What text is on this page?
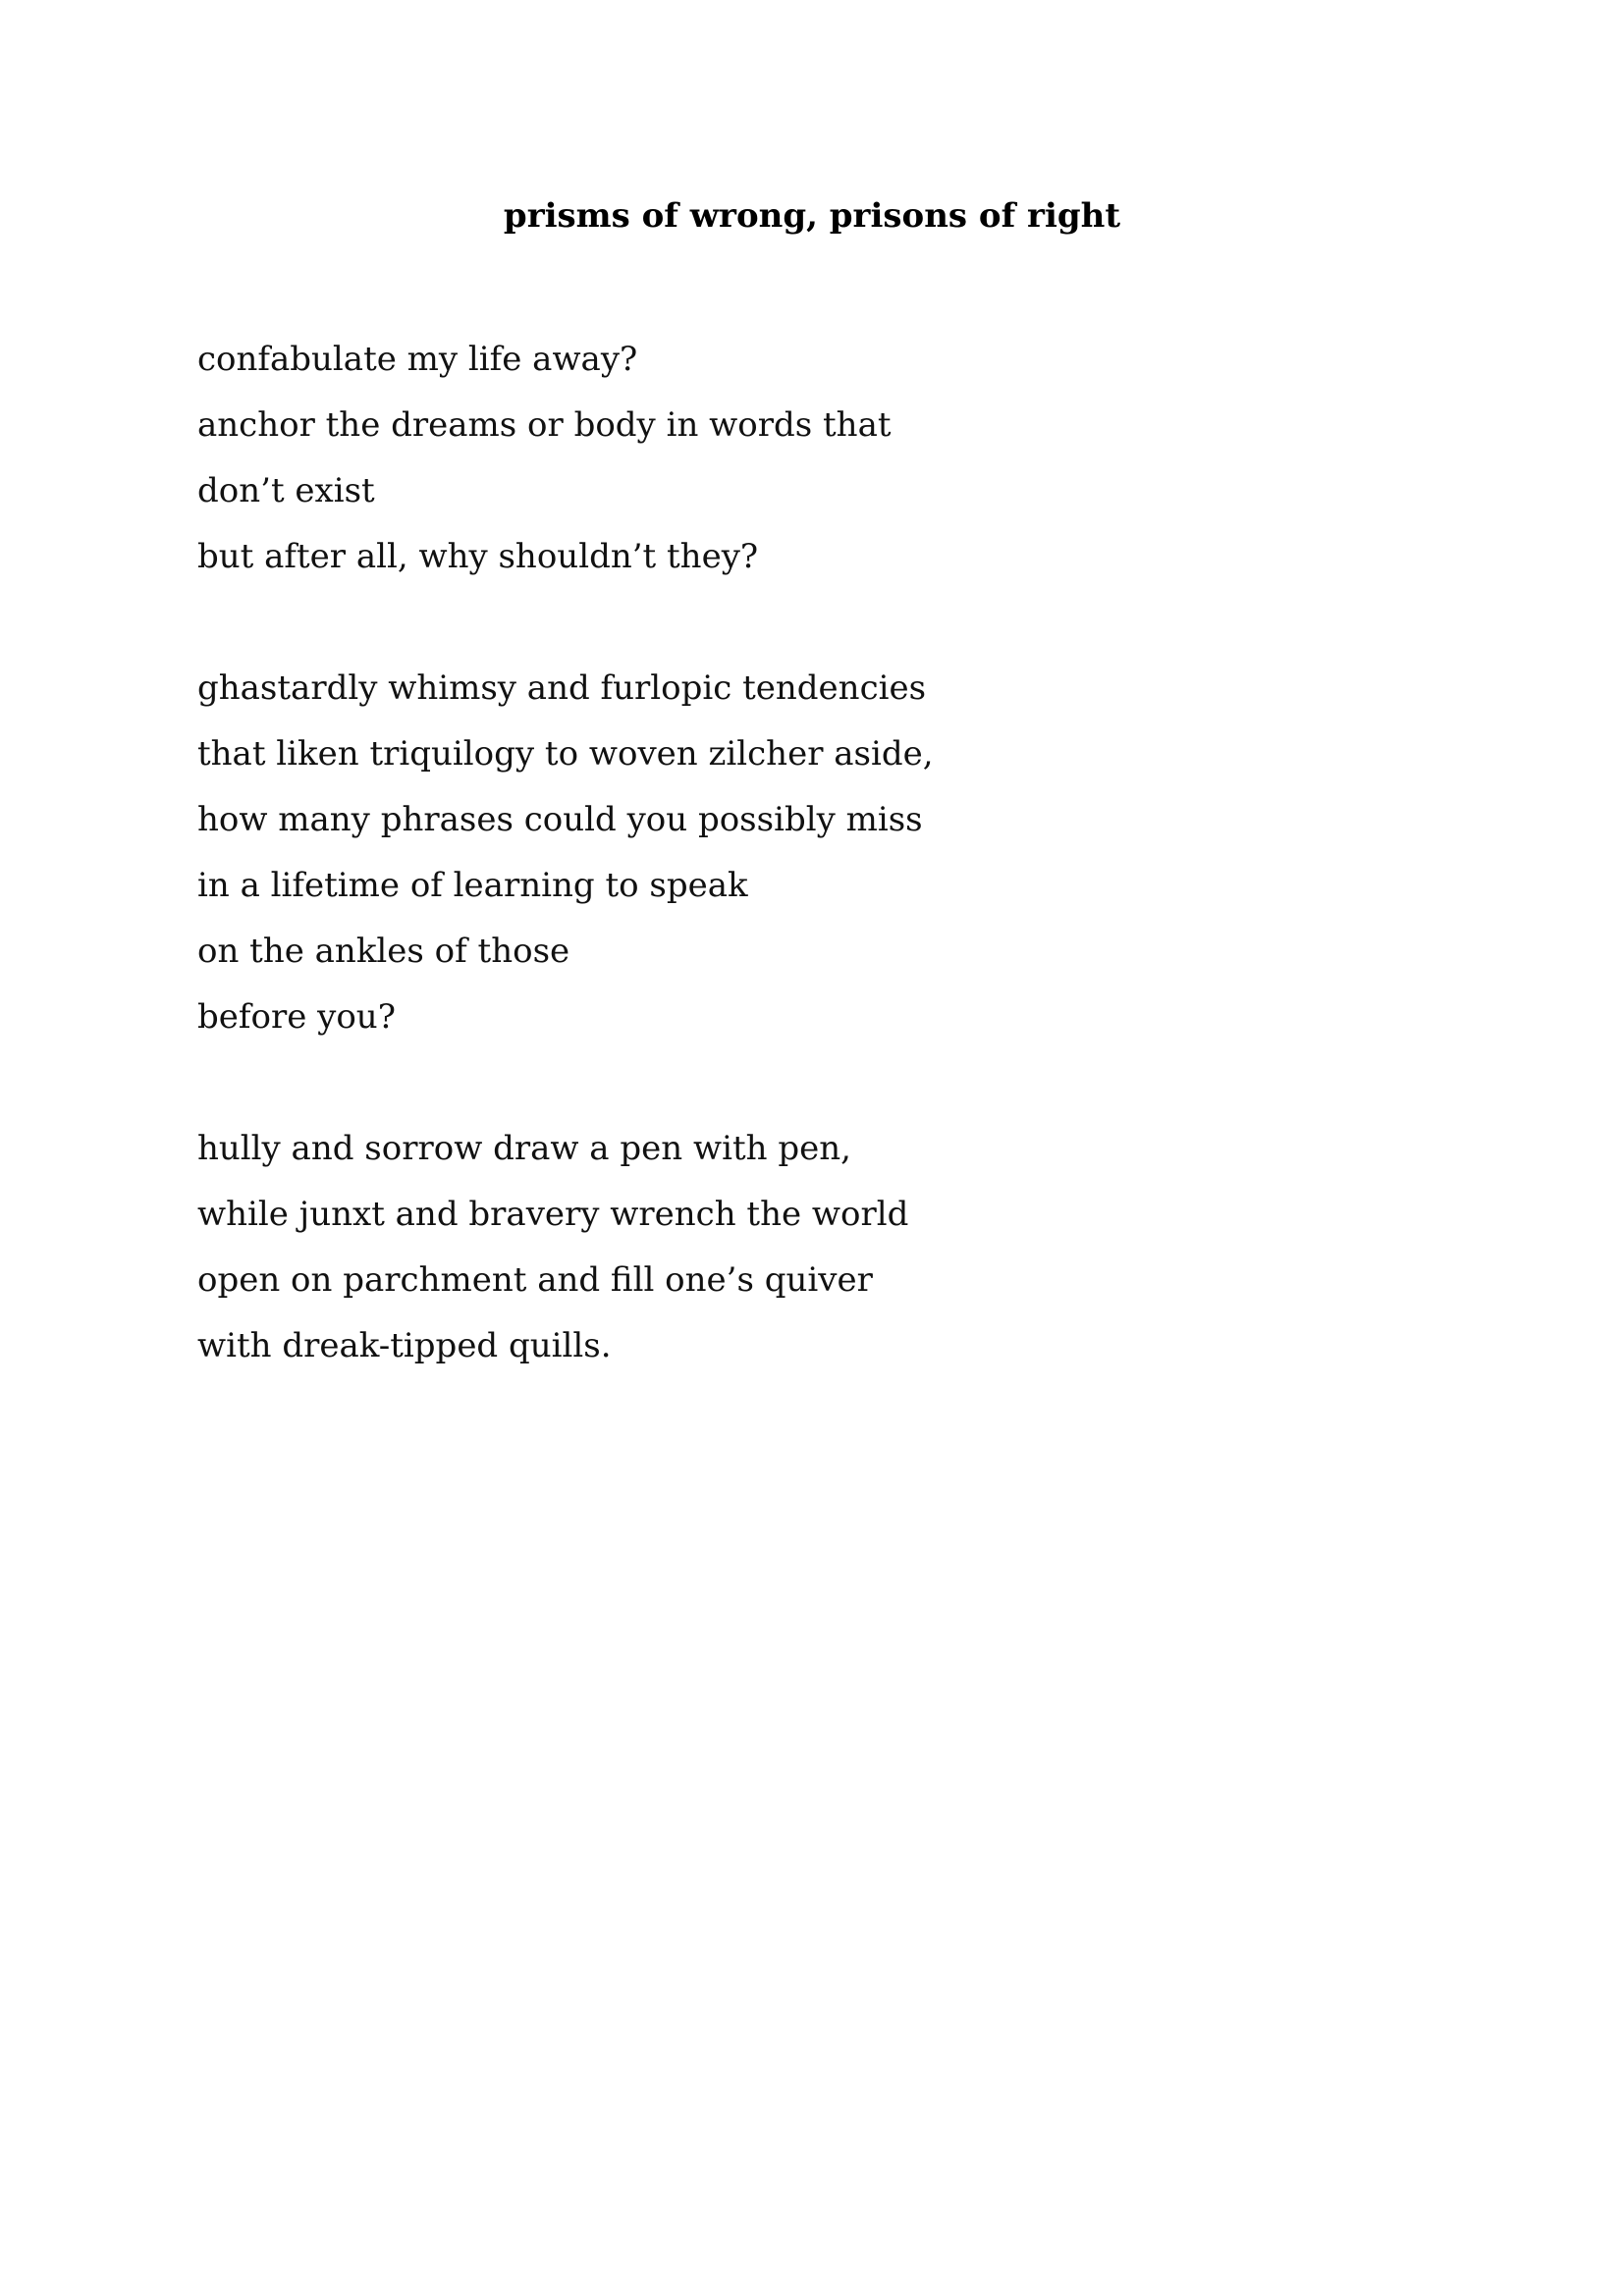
prisms of wrong, prisons of right
confabulate my life away?
anchor the dreams or body in words that
don’t exist
but after all, why shouldn’t they?
ghastardly whimsy and furlopic tendencies
that liken triquilogy to woven zilcher aside,
how many phrases could you possibly miss
in a lifetime of learning to speak
on the ankles of those
before you?
hully and sorrow draw a pen with pen,
while junxt and bravery wrench the world
open on parchment and fill one’s quiver
with dreak-tipped quills.
